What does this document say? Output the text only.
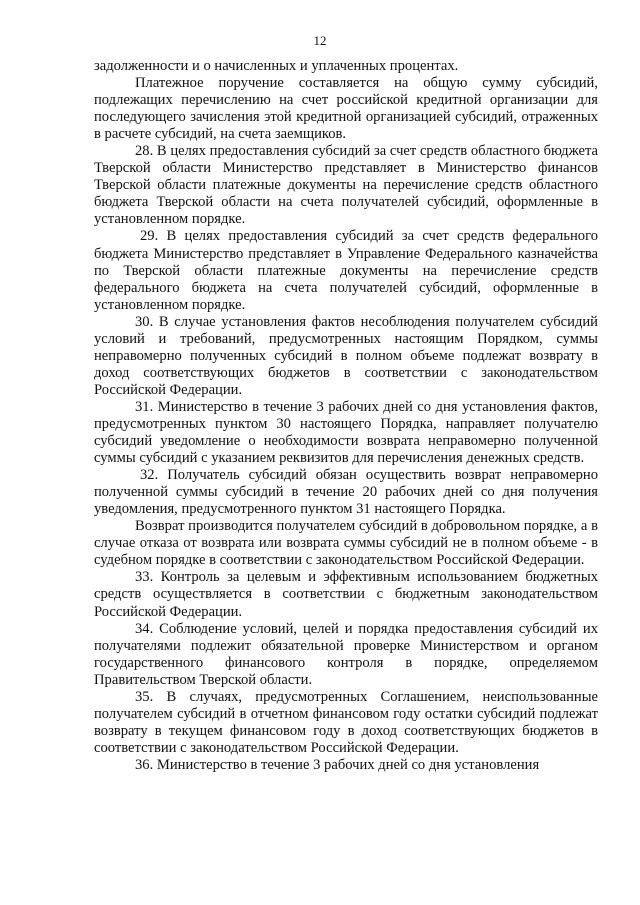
12

задолженности и о начисленных и уплаченных процентах.

Платежное поручение составляется на общую сумму субсидий, подлежащих перечислению на счет российской кредитной организации для последующего зачисления этой кредитной организацией субсидий, отраженных в расчете субсидий, на счета заемщиков.

28. В целях предоставления субсидий за счет средств областного бюджета Тверской области Министерство представляет в Министерство финансов Тверской области платежные документы на перечисление средств областного бюджета Тверской области на счета получателей субсидий, оформленные в установленном порядке.

29. В целях предоставления субсидий за счет средств федерального бюджета Министерство представляет в Управление Федерального казначейства по Тверской области платежные документы на перечисление средств федерального бюджета на счета получателей субсидий, оформленные в установленном порядке.

30. В случае установления фактов несоблюдения получателем субсидий условий и требований, предусмотренных настоящим Порядком, суммы неправомерно полученных субсидий в полном объеме подлежат возврату в доход соответствующих бюджетов в соответствии с законодательством Российской Федерации.

31. Министерство в течение 3 рабочих дней со дня установления фактов, предусмотренных пунктом 30 настоящего Порядка, направляет получателю субсидий уведомление о необходимости возврата неправомерно полученной суммы субсидий с указанием реквизитов для перечисления денежных средств.

32. Получатель субсидий обязан осуществить возврат неправомерно полученной суммы субсидий в течение 20 рабочих дней со дня получения уведомления, предусмотренного пунктом 31 настоящего Порядка.

Возврат производится получателем субсидий в добровольном порядке, а в случае отказа от возврата или возврата суммы субсидий не в полном объеме - в судебном порядке в соответствии с законодательством Российской Федерации.

33. Контроль за целевым и эффективным использованием бюджетных средств осуществляется в соответствии с бюджетным законодательством Российской Федерации.

34. Соблюдение условий, целей и порядка предоставления субсидий их получателями подлежит обязательной проверке Министерством и органом государственного финансового контроля в порядке, определяемом Правительством Тверской области.

35. В случаях, предусмотренных Соглашением, неиспользованные получателем субсидий в отчетном финансовом году остатки субсидий подлежат возврату в текущем финансовом году в доход соответствующих бюджетов в соответствии с законодательством Российской Федерации.

36. Министерство в течение 3 рабочих дней со дня установления
